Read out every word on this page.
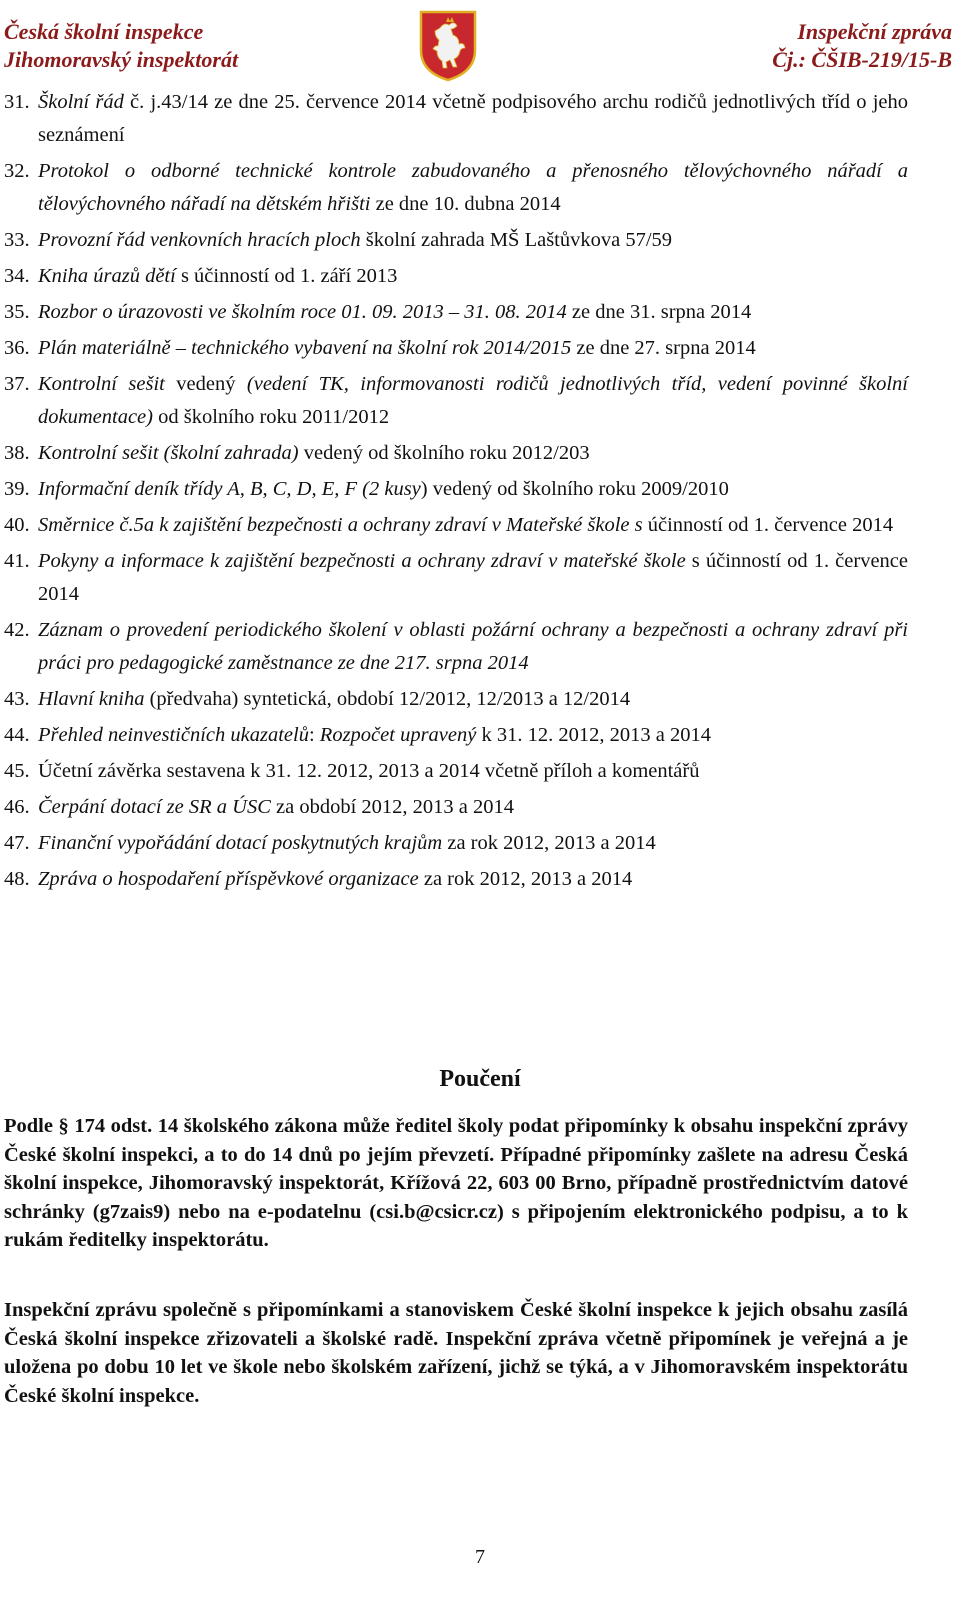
Česká školní inspekce
Jihomoravský inspektorát
Inspekční zpráva
Čj.: ČŠIB-219/15-B
31. Školní řád č. j.43/14 ze dne 25. července 2014 včetně podpisového archu rodičů jednotlivých tříd o jeho seznámení
32. Protokol o odborné technické kontrole zabudovaného a přenosného tělovýchovného nářadí a tělovýchovného nářadí na dětském hřišti ze dne 10. dubna 2014
33. Provozní řád venkovních hracích ploch školní zahrada MŠ Laštůvkova 57/59
34. Kniha úrazů dětí s účinností od 1. září 2013
35. Rozbor o úrazovosti ve školním roce 01. 09. 2013 – 31. 08. 2014 ze dne 31. srpna 2014
36. Plán materiálně – technického vybavení na školní rok 2014/2015 ze dne 27. srpna 2014
37. Kontrolní sešit vedený (vedení TK, informovanosti rodičů jednotlivých tříd, vedení povinné školní dokumentace) od školního roku 2011/2012
38. Kontrolní sešit (školní zahrada) vedený od školního roku 2012/203
39. Informační deník třídy A, B, C, D, E, F (2 kusy) vedený od školního roku 2009/2010
40. Směrnice č.5a k zajištění bezpečnosti a ochrany zdraví v Mateřské škole s účinností od 1. července 2014
41. Pokyny a informace k zajištění bezpečnosti a ochrany zdraví v mateřské škole s účinností od 1. července 2014
42. Záznam o provedení periodického školení v oblasti požární ochrany a bezpečnosti a ochrany zdraví při práci pro pedagogické zaměstnance ze dne 217. srpna 2014
43. Hlavní kniha (předvaha) syntetická, období 12/2012, 12/2013 a 12/2014
44. Přehled neinvestičních ukazatelů: Rozpočet upravený k 31. 12. 2012, 2013 a 2014
45. Účetní závěrka sestavena k 31. 12. 2012, 2013 a 2014 včetně příloh a komentářů
46. Čerpání dotací ze SR a ÚSC za období 2012, 2013 a 2014
47. Finanční vypořádání dotací poskytnutých krajům za rok 2012, 2013 a 2014
48. Zpráva o hospodaření příspěvkové organizace za rok 2012, 2013 a 2014
Poučení
Podle § 174 odst. 14 školského zákona může ředitel školy podat připomínky k obsahu inspekční zprávy České školní inspekci, a to do 14 dnů po jejím převzetí. Případné připomínky zašlete na adresu Česká školní inspekce, Jihomoravský inspektorát, Křížová 22, 603 00 Brno, případně prostřednictvím datové schránky (g7zais9) nebo na e-podatelnu (csi.b@csicr.cz) s připojením elektronického podpisu, a to k rukám ředitelky inspektorátu.
Inspekční zprávu společně s připomínkami a stanoviskem České školní inspekce k jejich obsahu zasílá Česká školní inspekce zřizovateli a školské radě. Inspekční zpráva včetně připomínek je veřejná a je uložena po dobu 10 let ve škole nebo školském zařízení, jichž se týká, a v Jihomoravském inspektorátu České školní inspekce.
7
